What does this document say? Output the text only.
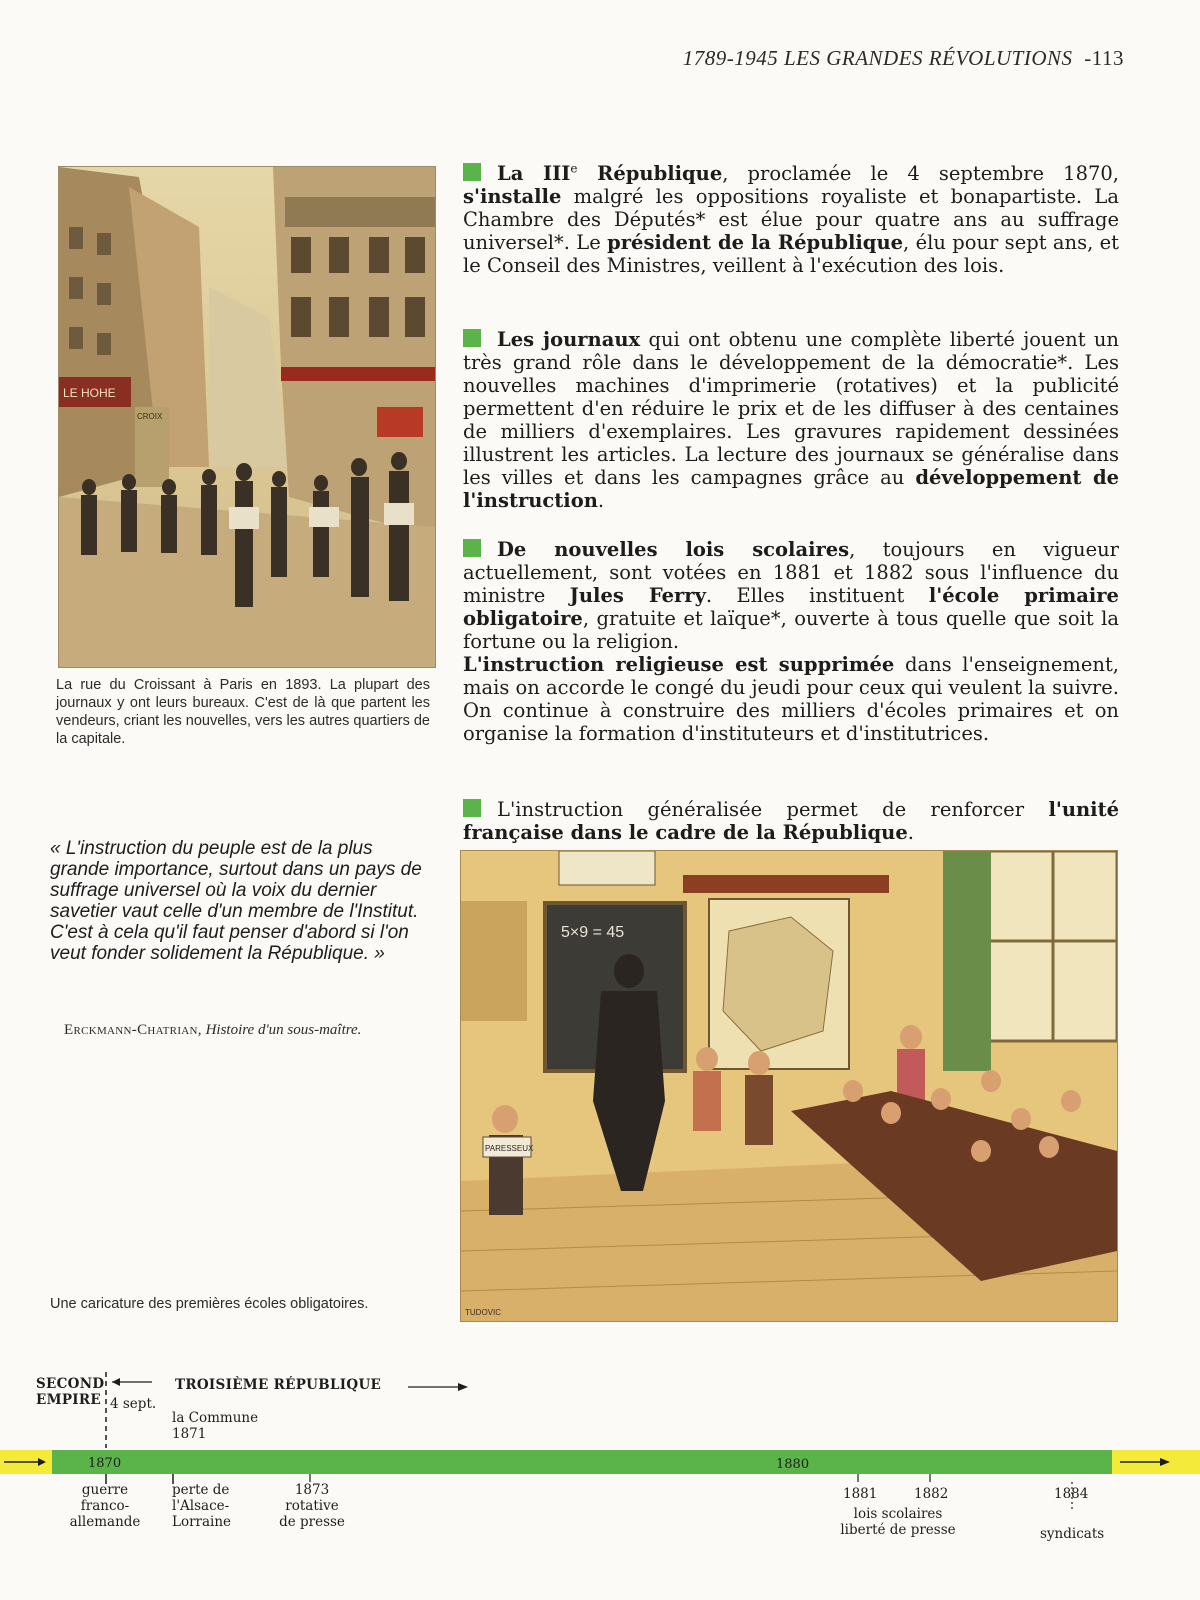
1789-1945 LES GRANDES RÉVOLUTIONS -113
LE HOHE
CROIX
La rue du Croissant à Paris en 1893. La plupart des journaux y ont leurs bureaux. C'est de là que partent les vendeurs, criant les nouvelles, vers les autres quartiers de la capitale.

« L'instruction du peuple est de la plus grande importance, surtout dans un pays de suffrage universel où la voix du dernier savetier vaut celle d'un membre de l'Institut.

C'est à cela qu'il faut penser d'abord si l'on veut fonder solidement la République. »

Erckmann-Chatrian, Histoire d'un sous-maître.
La IIIe République, proclamée le 4 septembre 1870, s'installe malgré les oppositions royaliste et bonapartiste. La Chambre des Députés* est élue pour quatre ans au suffrage universel*. Le président de la République, élu pour sept ans, et le Conseil des Ministres, veillent à l'exécution des lois.
Les journaux qui ont obtenu une complète liberté jouent un très grand rôle dans le développement de la démocratie*. Les nouvelles machines d'imprimerie (rotatives) et la publicité permettent d'en réduire le prix et de les diffuser à des centaines de milliers d'exemplaires. Les gravures rapidement dessinées illustrent les articles. La lecture des journaux se généralise dans les villes et dans les campagnes grâce au développement de l'instruction.
De nouvelles lois scolaires, toujours en vigueur actuellement, sont votées en 1881 et 1882 sous l'influence du ministre Jules Ferry. Elles instituent l'école primaire obligatoire, gratuite et laïque*, ouverte à tous quelle que soit la fortune ou la religion.
L'instruction religieuse est supprimée dans l'enseignement, mais on accorde le congé du jeudi pour ceux qui veulent la suivre.
On continue à construire des milliers d'écoles primaires et on organise la formation d'instituteurs et d'institutrices.
L'instruction généralisée permet de renforcer l'unité française dans le cadre de la République.
5×9 = 45
PARESSEUX
TUDOVIC
Une caricature des premières écoles obligatoires.
SECOND
EMPIRE
TROISIÈME RÉPUBLIQUE
4 sept.
la Commune
1871
1870	1880
guerre
franco-
allemande
perte de
l'Alsace-
Lorraine
1873
rotative
de presse
1881	1882
lois scolaires
liberté de presse
1884
syndicats
